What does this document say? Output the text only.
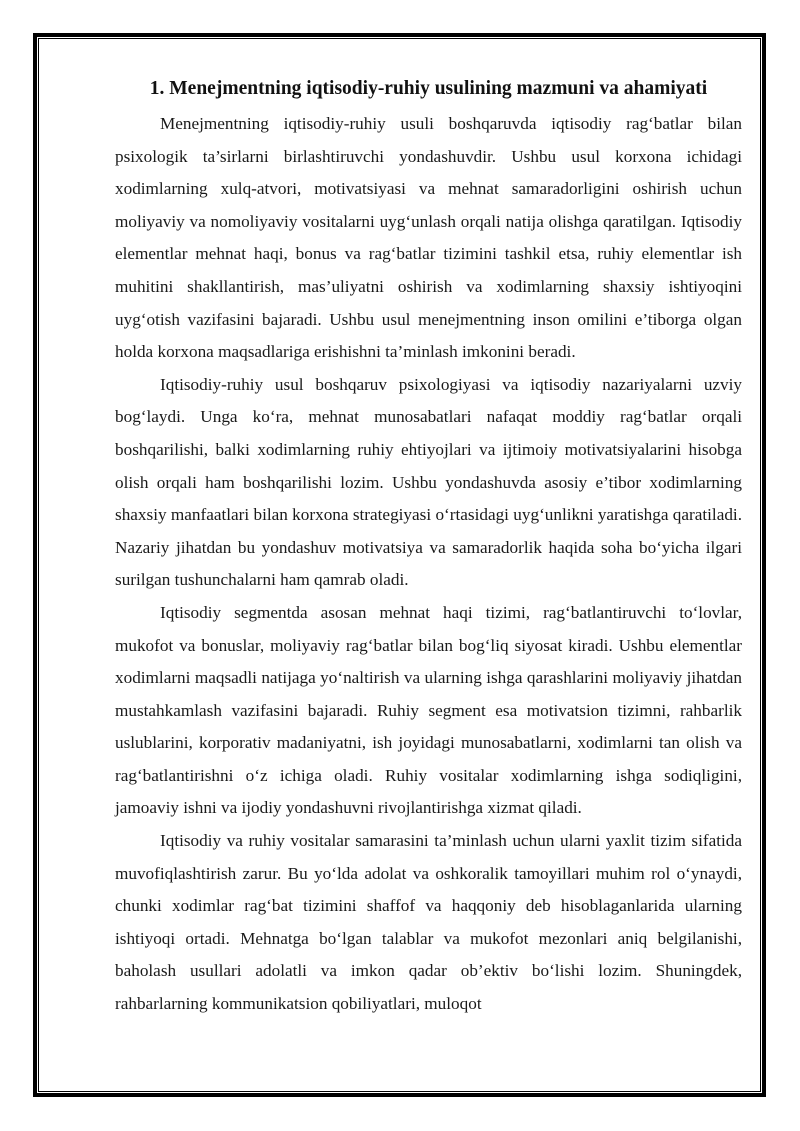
1. Menejmentning iqtisodiy-ruhiy usulining mazmuni va ahamiyati

Menejmentning iqtisodiy-ruhiy usuli boshqaruvda iqtisodiy rag‘batlar bilan psixologik ta’sirlarni birlashtiruvchi yondashuvdir. Ushbu usul korxona ichidagi xodimlarning xulq-atvori, motivatsiyasi va mehnat samaradorligini oshirish uchun moliyaviy va nomoliyaviy vositalarni uyg‘unlash orqali natija olishga qaratilgan. Iqtisodiy elementlar mehnat haqi, bonus va rag‘batlar tizimini tashkil etsa, ruhiy elementlar ish muhitini shakllantirish, mas’uliyatni oshirish va xodimlarning shaxsiy ishtiyoqini uyg‘otish vazifasini bajaradi. Ushbu usul menejmentning inson omilini e’tiborga olgan holda korxona maqsadlariga erishishni ta’minlash imkonini beradi.

Iqtisodiy-ruhiy usul boshqaruv psixologiyasi va iqtisodiy nazariyalarni uzviy bog‘laydi. Unga ko‘ra, mehnat munosabatlari nafaqat moddiy rag‘batlar orqali boshqarilishi, balki xodimlarning ruhiy ehtiyojlari va ijtimoiy motivatsiyalarini hisobga olish orqali ham boshqarilishi lozim. Ushbu yondashuvda asosiy e’tibor xodimlarning shaxsiy manfaatlari bilan korxona strategiyasi o‘rtasidagi uyg‘unlikni yaratishga qaratiladi. Nazariy jihatdan bu yondashuv motivatsiya va samaradorlik haqida soha bo‘yicha ilgari surilgan tushunchalarni ham qamrab oladi.

Iqtisodiy segmentda asosan mehnat haqi tizimi, rag‘batlantiruvchi to‘lovlar, mukofot va bonuslar, moliyaviy rag‘batlar bilan bog‘liq siyosat kiradi. Ushbu elementlar xodimlarni maqsadli natijaga yo‘naltirish va ularning ishga qarashlarini moliyaviy jihatdan mustahkamlash vazifasini bajaradi. Ruhiy segment esa motivatsion tizimni, rahbarlik uslublarini, korporativ madaniyatni, ish joyidagi munosabatlarni, xodimlarni tan olish va rag‘batlantirishni o‘z ichiga oladi. Ruhiy vositalar xodimlarning ishga sodiqligini, jamoaviy ishni va ijodiy yondashuvni rivojlantirishga xizmat qiladi.

Iqtisodiy va ruhiy vositalar samarasini ta’minlash uchun ularni yaxlit tizim sifatida muvofiqlashtirish zarur. Bu yo‘lda adolat va oshkoralik tamoyillari muhim rol o‘ynaydi, chunki xodimlar rag‘bat tizimini shaffof va haqqoniy deb hisoblaganlarida ularning ishtiyoqi ortadi. Mehnatga bo‘lgan talablar va mukofot mezonlari aniq belgilanishi, baholash usullari adolatli va imkon qadar ob’ektiv bo‘lishi lozim. Shuningdek, rahbarlarning kommunikatsion qobiliyatlari, muloqot
